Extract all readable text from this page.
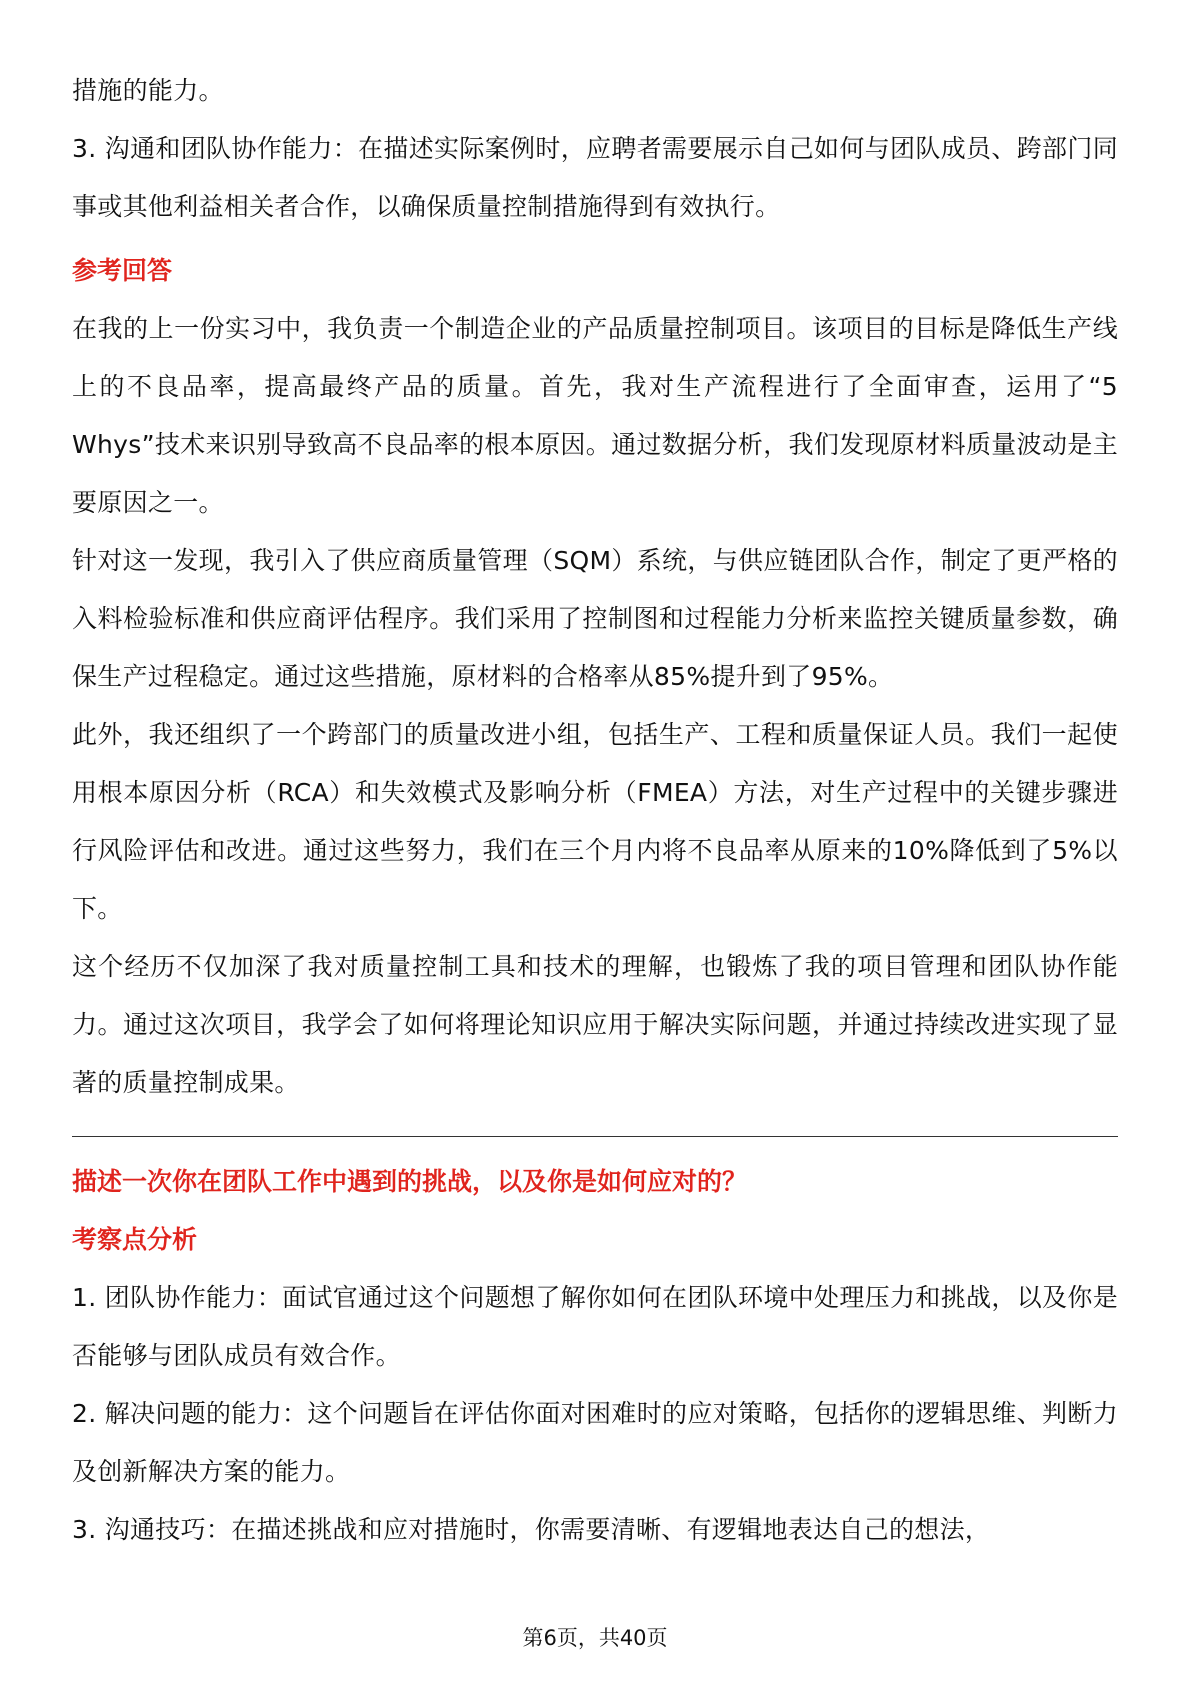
措施的能力。

3. 沟通和团队协作能力：在描述实际案例时，应聘者需要展示自己如何与团队成员、跨部门同事或其他利益相关者合作，以确保质量控制措施得到有效执行。

参考回答

在我的上一份实习中，我负责一个制造企业的产品质量控制项目。该项目的目标是降低生产线上的不良品率，提高最终产品的质量。首先，我对生产流程进行了全面审查，运用了“5 Whys”技术来识别导致高不良品率的根本原因。通过数据分析，我们发现原材料质量波动是主要原因之一。

针对这一发现，我引入了供应商质量管理（SQM）系统，与供应链团队合作，制定了更严格的入料检验标准和供应商评估程序。我们采用了控制图和过程能力分析来监控关键质量参数，确保生产过程稳定。通过这些措施，原材料的合格率从85%提升到了95%。

此外，我还组织了一个跨部门的质量改进小组，包括生产、工程和质量保证人员。我们一起使用根本原因分析（RCA）和失效模式及影响分析（FMEA）方法，对生产过程中的关键步骤进行风险评估和改进。通过这些努力，我们在三个月内将不良品率从原来的10%降低到了5%以下。

这个经历不仅加深了我对质量控制工具和技术的理解，也锻炼了我的项目管理和团队协作能力。通过这次项目，我学会了如何将理论知识应用于解决实际问题，并通过持续改进实现了显著的质量控制成果。

描述一次你在团队工作中遇到的挑战，以及你是如何应对的？

考察点分析

1. 团队协作能力：面试官通过这个问题想了解你如何在团队环境中处理压力和挑战，以及你是否能够与团队成员有效合作。

2. 解决问题的能力：这个问题旨在评估你面对困难时的应对策略，包括你的逻辑思维、判断力及创新解决方案的能力。

3. 沟通技巧：在描述挑战和应对措施时，你需要清晰、有逻辑地表达自己的想法，

第6页，共40页
